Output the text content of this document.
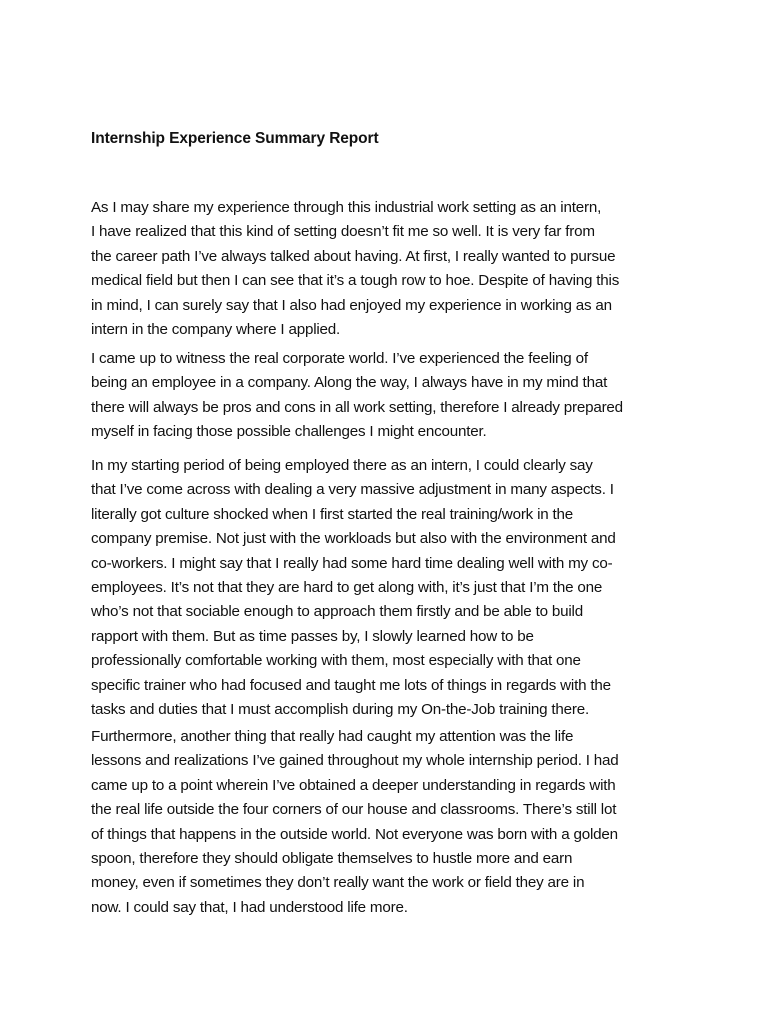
Internship Experience Summary Report
As I may share my experience through this industrial work setting as an intern,
I have realized that this kind of setting doesn’t fit me so well. It is very far from
the career path I’ve always talked about having. At first, I really wanted to pursue
medical field but then I can see that it’s a tough row to hoe. Despite of having this
in mind, I can surely say that I also had enjoyed my experience in working as an
intern in the company where I applied.
I came up to witness the real corporate world. I’ve experienced the feeling of
being an employee in a company. Along the way, I always have in my mind that
there will always be pros and cons in all work setting, therefore I already prepared
myself in facing those possible challenges I might encounter.
In my starting period of being employed there as an intern, I could clearly say
that I’ve come across with dealing a very massive adjustment in many aspects. I
literally got culture shocked when I first started the real training/work in the
company premise. Not just with the workloads but also with the environment and
co-workers. I might say that I really had some hard time dealing well with my co-
employees. It’s not that they are hard to get along with, it’s just that I’m the one
who’s not that sociable enough to approach them firstly and be able to build
rapport with them. But as time passes by, I slowly learned how to be
professionally comfortable working with them, most especially with that one
specific trainer who had focused and taught me lots of things in regards with the
tasks and duties that I must accomplish during my On-the-Job training there.
Furthermore, another thing that really had caught my attention was the life
lessons and realizations I’ve gained throughout my whole internship period. I had
came up to a point wherein I’ve obtained a deeper understanding in regards with
the real life outside the four corners of our house and classrooms. There’s still lot
of things that happens in the outside world. Not everyone was born with a golden
spoon, therefore they should obligate themselves to hustle more and earn
money, even if sometimes they don’t really want the work or field they are in
now. I could say that, I had understood life more.
